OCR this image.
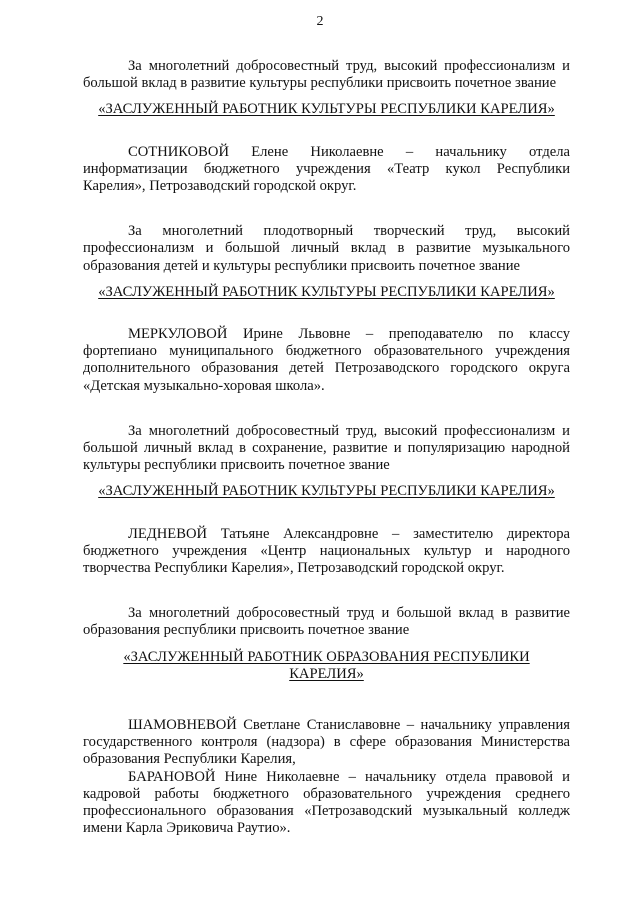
2

За многолетний добросовестный труд, высокий профессионализм и большой вклад в развитие культуры республики присвоить почетное звание

«ЗАСЛУЖЕННЫЙ РАБОТНИК КУЛЬТУРЫ РЕСПУБЛИКИ КАРЕЛИЯ»

СОТНИКОВОЙ Елене Николаевне – начальнику отдела информатизации бюджетного учреждения «Театр кукол Республики Карелия», Петрозаводский городской округ.

За многолетний плодотворный творческий труд, высокий профессионализм и большой личный вклад в развитие музыкального образования детей и культуры республики присвоить почетное звание

«ЗАСЛУЖЕННЫЙ РАБОТНИК КУЛЬТУРЫ РЕСПУБЛИКИ КАРЕЛИЯ»

МЕРКУЛОВОЙ Ирине Львовне – преподавателю по классу фортепиано муниципального бюджетного образовательного учреждения дополнительного образования детей Петрозаводского городского округа «Детская музыкально-хоровая школа».

За многолетний добросовестный труд, высокий профессионализм и большой личный вклад в сохранение, развитие и популяризацию народной культуры республики присвоить почетное звание

«ЗАСЛУЖЕННЫЙ РАБОТНИК КУЛЬТУРЫ РЕСПУБЛИКИ КАРЕЛИЯ»

ЛЕДНЕВОЙ Татьяне Александровне – заместителю директора бюджетного учреждения «Центр национальных культур и народного творчества Республики Карелия», Петрозаводский городской округ.

За многолетний добросовестный труд и большой вклад в развитие образования республики присвоить почетное звание

«ЗАСЛУЖЕННЫЙ РАБОТНИК ОБРАЗОВАНИЯ РЕСПУБЛИКИ
КАРЕЛИЯ»

ШАМОВНЕВОЙ Светлане Станиславовне – начальнику управления государственного контроля (надзора) в сфере образования Министерства образования Республики Карелия,

БАРАНОВОЙ Нине Николаевне – начальнику отдела правовой и кадровой работы бюджетного образовательного учреждения среднего профессионального образования «Петрозаводский музыкальный колледж имени Карла Эриковича Раутио».
